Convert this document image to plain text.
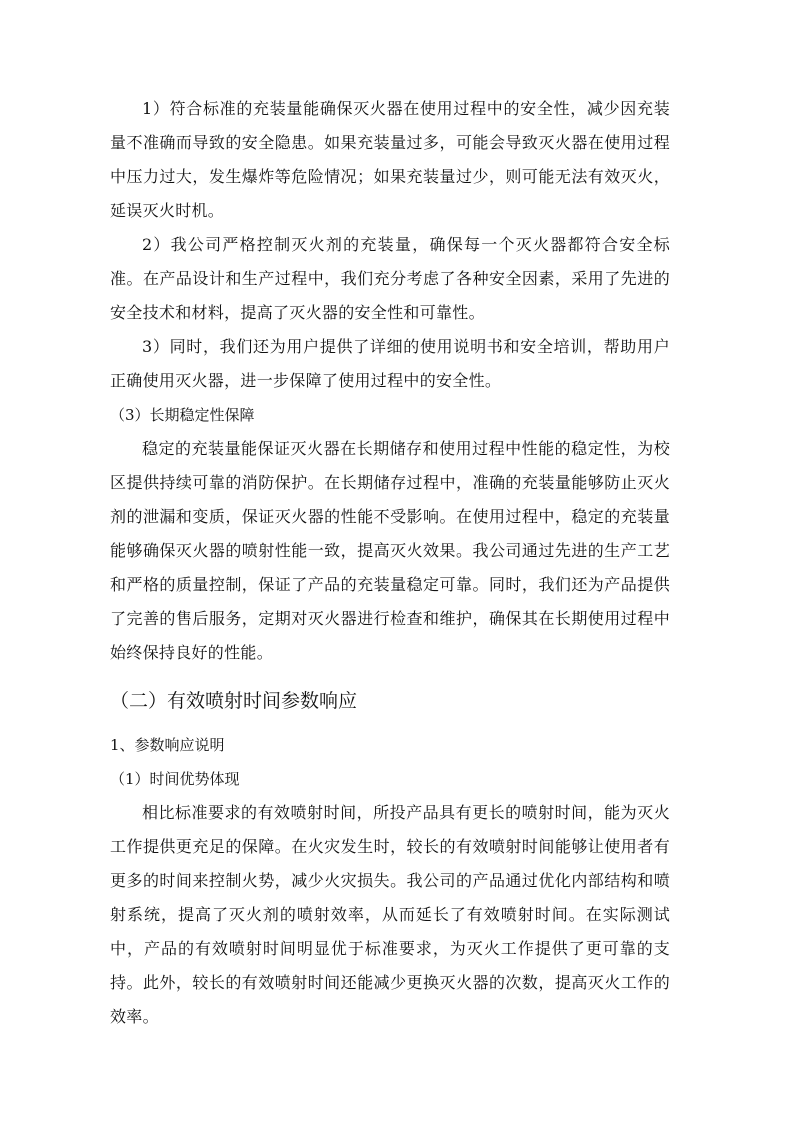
1）符合标准的充装量能确保灭火器在使用过程中的安全性，减少因充装量不准确而导致的安全隐患。如果充装量过多，可能会导致灭火器在使用过程中压力过大，发生爆炸等危险情况；如果充装量过少，则可能无法有效灭火，延误灭火时机。

2）我公司严格控制灭火剂的充装量，确保每一个灭火器都符合安全标准。在产品设计和生产过程中，我们充分考虑了各种安全因素，采用了先进的安全技术和材料，提高了灭火器的安全性和可靠性。

3）同时，我们还为用户提供了详细的使用说明书和安全培训，帮助用户正确使用灭火器，进一步保障了使用过程中的安全性。

（3）长期稳定性保障

稳定的充装量能保证灭火器在长期储存和使用过程中性能的稳定性，为校区提供持续可靠的消防保护。在长期储存过程中，准确的充装量能够防止灭火剂的泄漏和变质，保证灭火器的性能不受影响。在使用过程中，稳定的充装量能够确保灭火器的喷射性能一致，提高灭火效果。我公司通过先进的生产工艺和严格的质量控制，保证了产品的充装量稳定可靠。同时，我们还为产品提供了完善的售后服务，定期对灭火器进行检查和维护，确保其在长期使用过程中始终保持良好的性能。

（二）有效喷射时间参数响应

1、参数响应说明

（1）时间优势体现

相比标准要求的有效喷射时间，所投产品具有更长的喷射时间，能为灭火工作提供更充足的保障。在火灾发生时，较长的有效喷射时间能够让使用者有更多的时间来控制火势，减少火灾损失。我公司的产品通过优化内部结构和喷射系统，提高了灭火剂的喷射效率，从而延长了有效喷射时间。在实际测试中，产品的有效喷射时间明显优于标准要求，为灭火工作提供了更可靠的支持。此外，较长的有效喷射时间还能减少更换灭火器的次数，提高灭火工作的效率。
